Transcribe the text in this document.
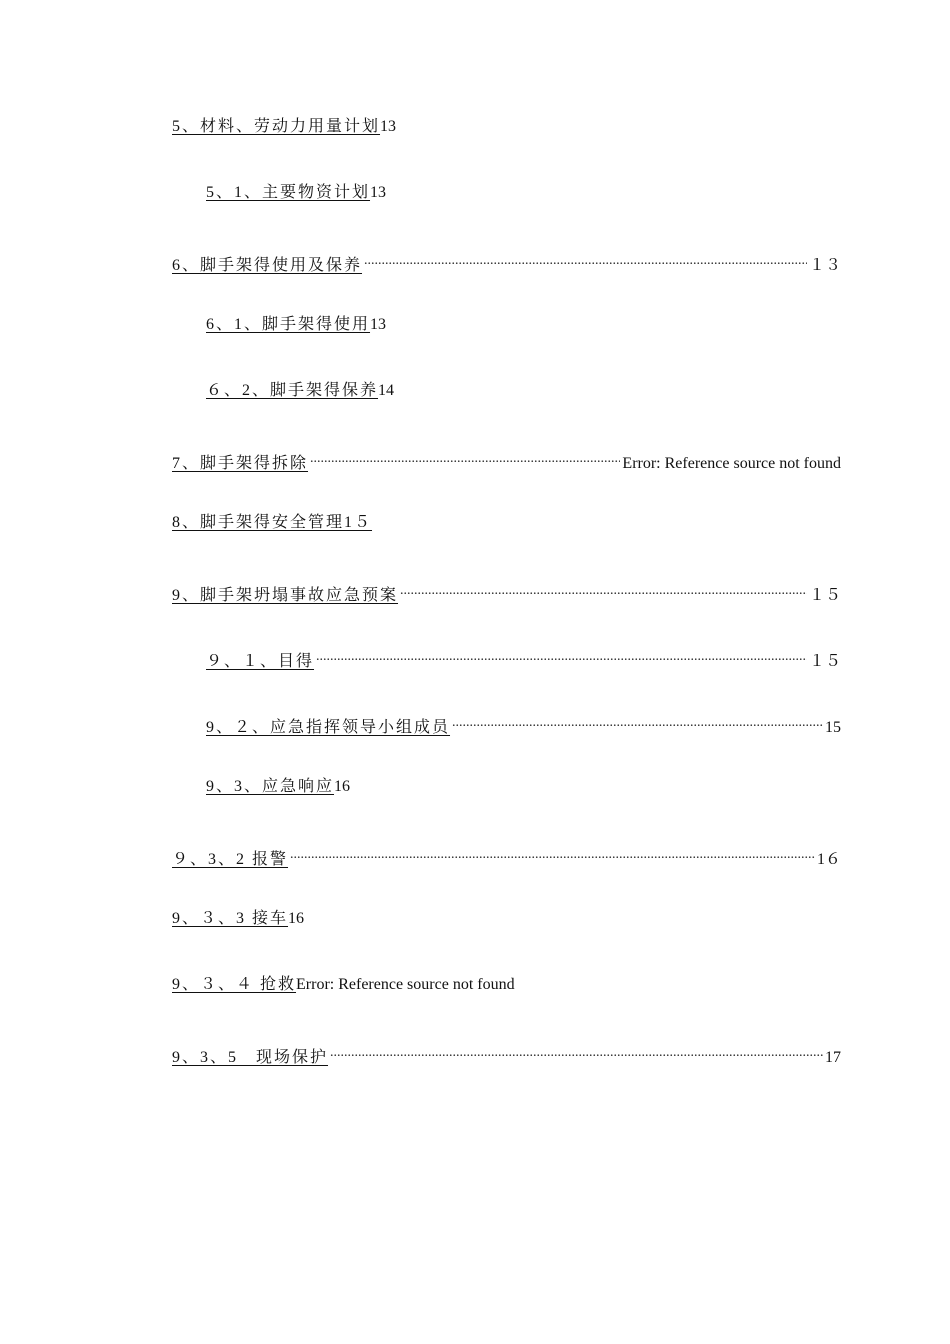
5、材料、劳动力用量计划 13
5、1、主要物资计划 13
6、脚手架得使用及保养 .....	１３
6、1、脚手架得使用 13
６、2、脚手架得保养 14
7、脚手架得拆除 .....	Error: Reference source not found
8、脚手架得安全管理1５
9、脚手架坍塌事故应急预案 .....	１５
９、１、目得 .....	１５
9、２、应急指挥领导小组成员 .....	15
9、3、应急响应 16
９、3、2 报警 .....	1６
9、３、3 接车 16
9、３、４ 抢救 Error: Reference source not found
9、3、5　现场保护 .....	17
